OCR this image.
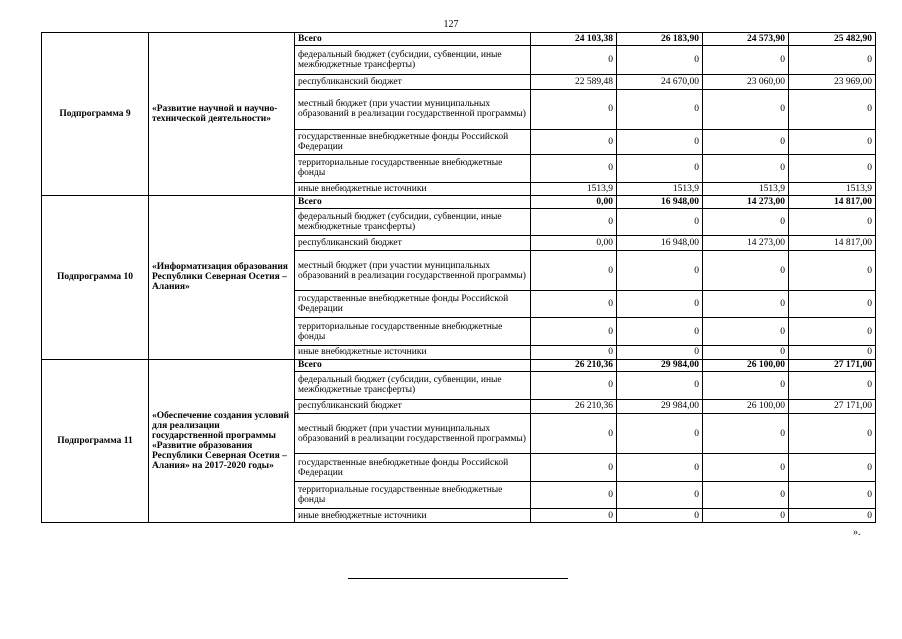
127
Подпрограмма 9	«Развитие научной и научно-технической деятельности»	Всего	24 103,38	26 183,90	24 573,90	25 482,90
		федеральный бюджет (субсидии, субвенции, иные межбюджетные трансферты)	0	0	0	0
		республиканский бюджет	22 589,48	24 670,00	23 060,00	23 969,00
		местный бюджет (при участии муниципальных образований в реализации государственной программы)	0	0	0	0
		государственные внебюджетные фонды Российской Федерации	0	0	0	0
		территориальные государственные внебюджетные фонды	0	0	0	0
		иные внебюджетные источники	1513,9	1513,9	1513,9	1513,9
Подпрограмма 10	«Информатизация образования Республики Северная Осетия – Алания»	Всего	0,00	16 948,00	14 273,00	14 817,00
		федеральный бюджет (субсидии, субвенции, иные межбюджетные трансферты)	0	0	0	0
		республиканский бюджет	0,00	16 948,00	14 273,00	14 817,00
		местный бюджет (при участии муниципальных образований в реализации государственной программы)	0	0	0	0
		государственные внебюджетные фонды Российской Федерации	0	0	0	0
		территориальные государственные внебюджетные фонды	0	0	0	0
		иные внебюджетные источники	0	0	0	0
Подпрограмма 11	«Обеспечение создания условий для реализации государственной программы «Развитие образования Республики Северная Осетия – Алания» на 2017-2020 годы»	Всего	26 210,36	29 984,00	26 100,00	27 171,00
		федеральный бюджет (субсидии, субвенции, иные межбюджетные трансферты)	0	0	0	0
		республиканский бюджет	26 210,36	29 984,00	26 100,00	27 171,00
		местный бюджет (при участии муниципальных образований в реализации государственной программы)	0	0	0	0
		государственные внебюджетные фонды Российской Федерации	0	0	0	0
		территориальные государственные внебюджетные фонды	0	0	0	0
		иные внебюджетные источники	0	0	0	0
».
